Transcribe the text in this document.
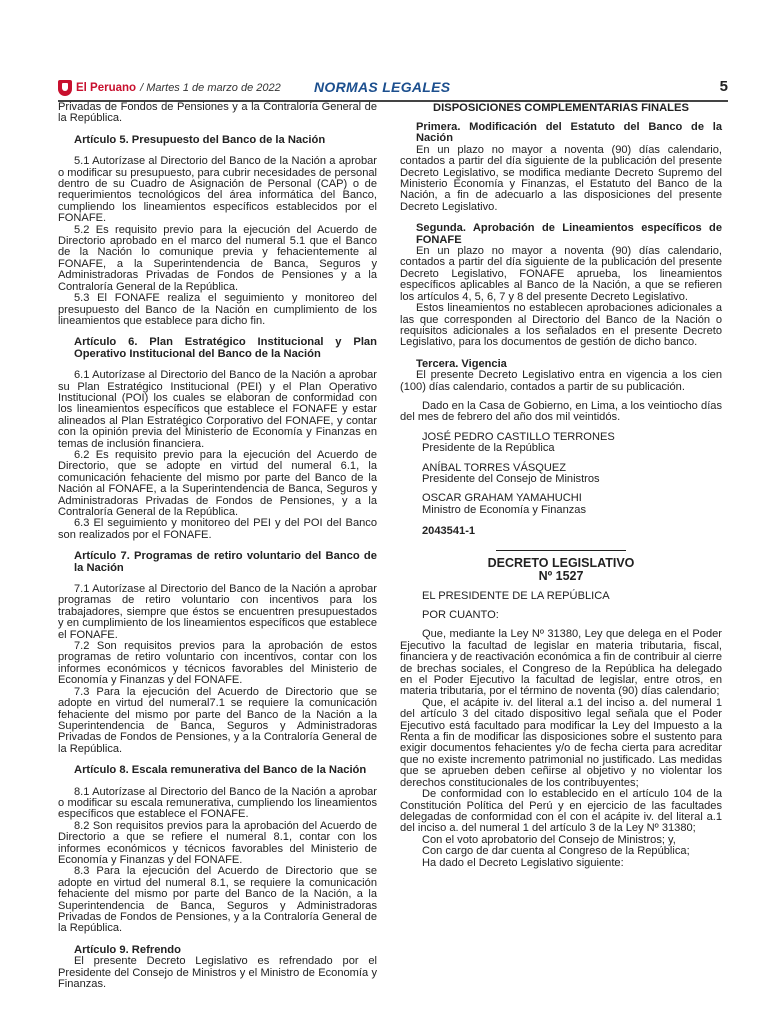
El Peruano / Martes 1 de marzo de 2022 NORMAS LEGALES	5

Privadas de Fondos de Pensiones y a la Contraloría General de la República.

Artículo 5. Presupuesto del Banco de la Nación

5.1 Autorízase al Directorio del Banco de la Nación a aprobar o modificar su presupuesto, para cubrir necesidades de personal dentro de su Cuadro de Asignación de Personal (CAP) o de requerimientos tecnológicos del área informática del Banco, cumpliendo los lineamientos específicos establecidos por el FONAFE.

5.2 Es requisito previo para la ejecución del Acuerdo de Directorio aprobado en el marco del numeral 5.1 que el Banco de la Nación lo comunique previa y fehacientemente al FONAFE, a la Superintendencia de Banca, Seguros y Administradoras Privadas de Fondos de Pensiones y a la Contraloría General de la República.

5.3 El FONAFE realiza el seguimiento y monitoreo del presupuesto del Banco de la Nación en cumplimiento de los lineamientos que establece para dicho fin.

Artículo 6. Plan Estratégico Institucional y Plan Operativo Institucional del Banco de la Nación

6.1 Autorízase al Directorio del Banco de la Nación a aprobar su Plan Estratégico Institucional (PEI) y el Plan Operativo Institucional (POI) los cuales se elaboran de conformidad con los lineamientos específicos que establece el FONAFE y estar alineados al Plan Estratégico Corporativo del FONAFE, y contar con la opinión previa del Ministerio de Economía y Finanzas en temas de inclusión financiera.

6.2 Es requisito previo para la ejecución del Acuerdo de Directorio, que se adopte en virtud del numeral 6.1, la comunicación fehaciente del mismo por parte del Banco de la Nación al FONAFE, a la Superintendencia de Banca, Seguros y Administradoras Privadas de Fondos de Pensiones, y a la Contraloría General de la República.

6.3 El seguimiento y monitoreo del PEI y del POI del Banco son realizados por el FONAFE.

Artículo 7. Programas de retiro voluntario del Banco de la Nación

7.1 Autorízase al Directorio del Banco de la Nación a aprobar programas de retiro voluntario con incentivos para los trabajadores, siempre que éstos se encuentren presupuestados y en cumplimiento de los lineamientos específicos que establece el FONAFE.

7.2 Son requisitos previos para la aprobación de estos programas de retiro voluntario con incentivos, contar con los informes económicos y técnicos favorables del Ministerio de Economía y Finanzas y del FONAFE.

7.3 Para la ejecución del Acuerdo de Directorio que se adopte en virtud del numeral7.1 se requiere la comunicación fehaciente del mismo por parte del Banco de la Nación a la Superintendencia de Banca, Seguros y Administradoras Privadas de Fondos de Pensiones, y a la Contraloría General de la República.

Artículo 8. Escala remunerativa del Banco de la Nación

8.1 Autorízase al Directorio del Banco de la Nación a aprobar o modificar su escala remunerativa, cumpliendo los lineamientos específicos que establece el FONAFE.

8.2 Son requisitos previos para la aprobación del Acuerdo de Directorio a que se refiere el numeral 8.1, contar con los informes económicos y técnicos favorables del Ministerio de Economía y Finanzas y del FONAFE.

8.3 Para la ejecución del Acuerdo de Directorio que se adopte en virtud del numeral 8.1, se requiere la comunicación fehaciente del mismo por parte del Banco de la Nación, a la Superintendencia de Banca, Seguros y Administradoras Privadas de Fondos de Pensiones, y a la Contraloría General de la República.

Artículo 9. Refrendo

El presente Decreto Legislativo es refrendado por el Presidente del Consejo de Ministros y el Ministro de Economía y Finanzas.

DISPOSICIONES COMPLEMENTARIAS FINALES

Primera. Modificación del Estatuto del Banco de la Nación

En un plazo no mayor a noventa (90) días calendario, contados a partir del día siguiente de la publicación del presente Decreto Legislativo, se modifica mediante Decreto Supremo del Ministerio Economía y Finanzas, el Estatuto del Banco de la Nación, a fin de adecuarlo a las disposiciones del presente Decreto Legislativo.

Segunda. Aprobación de Lineamientos específicos de FONAFE

En un plazo no mayor a noventa (90) días calendario, contados a partir del día siguiente de la publicación del presente Decreto Legislativo, FONAFE aprueba, los lineamientos específicos aplicables al Banco de la Nación, a que se refieren los artículos 4, 5, 6, 7 y 8 del presente Decreto Legislativo.

Estos lineamientos no establecen aprobaciones adicionales a las que corresponden al Directorio del Banco de la Nación o requisitos adicionales a los señalados en el presente Decreto Legislativo, para los documentos de gestión de dicho banco.

Tercera. Vigencia

El presente Decreto Legislativo entra en vigencia a los cien (100) días calendario, contados a partir de su publicación.

Dado en la Casa de Gobierno, en Lima, a los veintiocho días del mes de febrero del año dos mil veintidós.

JOSÉ PEDRO CASTILLO TERRONES

Presidente de la República

ANÍBAL TORRES VÁSQUEZ

Presidente del Consejo de Ministros

OSCAR GRAHAM YAMAHUCHI

Ministro de Economía y Finanzas

2043541-1

DECRETO LEGISLATIVO
Nº 1527

EL PRESIDENTE DE LA REPÚBLICA

POR CUANTO:

Que, mediante la Ley Nº 31380, Ley que delega en el Poder Ejecutivo la facultad de legislar en materia tributaria, fiscal, financiera y de reactivación económica a fin de contribuir al cierre de brechas sociales, el Congreso de la República ha delegado en el Poder Ejecutivo la facultad de legislar, entre otros, en materia tributaria, por el término de noventa (90) días calendario;

Que, el acápite iv. del literal a.1 del inciso a. del numeral 1 del artículo 3 del citado dispositivo legal señala que el Poder Ejecutivo está facultado para modificar la Ley del Impuesto a la Renta a fin de modificar las disposiciones sobre el sustento para exigir documentos fehacientes y/o de fecha cierta para acreditar que no existe incremento patrimonial no justificado. Las medidas que se aprueben deben ceñirse al objetivo y no violentar los derechos constitucionales de los contribuyentes;

De conformidad con lo establecido en el artículo 104 de la Constitución Política del Perú y en ejercicio de las facultades delegadas de conformidad con el con el acápite iv. del literal a.1 del inciso a. del numeral 1 del artículo 3 de la Ley Nº 31380;

Con el voto aprobatorio del Consejo de Ministros; y,

Con cargo de dar cuenta al Congreso de la República;

Ha dado el Decreto Legislativo siguiente:
